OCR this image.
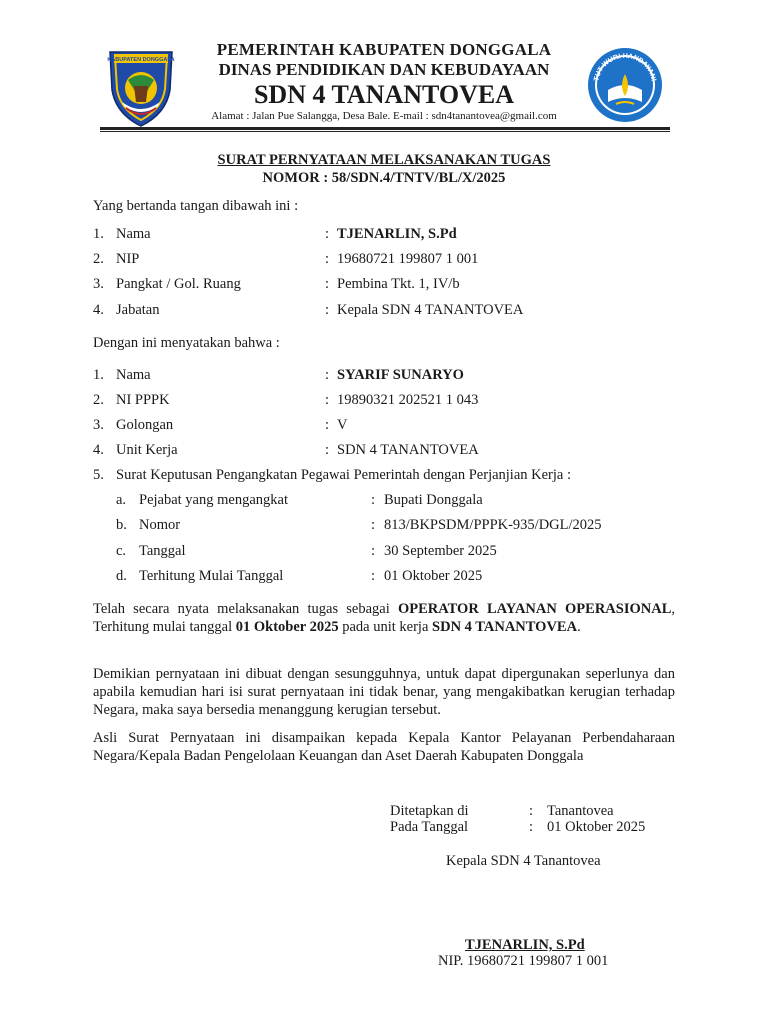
KABUPATEN DONGGALA
PEMERINTAH KABUPATEN DONGGALA
DINAS PENDIDIKAN DAN KEBUDAYAAN
SDN 4 TANANTOVEA
Alamat : Jalan Pue Salangga, Desa Bale. E-mail : sdn4tanantovea@gmail.com
TUT WURI HANDAYANI
SURAT PERNYATAAN MELAKSANAKAN TUGAS
NOMOR : 58/SDN.4/TNTV/BL/X/2025
Yang bertanda tangan dibawah ini :
1. Nama	: TJENARLIN, S.Pd
2. NIP	: 19680721 199807 1 001
3. Pangkat / Gol. Ruang	: Pembina Tkt. 1, IV/b
4. Jabatan	: Kepala SDN 4 TANANTOVEA
Dengan ini menyatakan bahwa :
1. Nama	: SYARIF SUNARYO
2. NI PPPK	: 19890321 202521 1 043
3. Golongan	: V
4. Unit Kerja	: SDN 4 TANANTOVEA
5. Surat Keputusan Pengangkatan Pegawai Pemerintah dengan Perjanjian Kerja :
a. Pejabat yang mengangkat	: Bupati Donggala
b. Nomor	: 813/BKPSDM/PPPK-935/DGL/2025
c. Tanggal	: 30 September 2025
d. Terhitung Mulai Tanggal	: 01 Oktober 2025
Telah secara nyata melaksanakan tugas sebagai OPERATOR LAYANAN OPERASIONAL, Terhitung mulai tanggal 01 Oktober 2025 pada unit kerja SDN 4 TANANTOVEA.
Demikian pernyataan ini dibuat dengan sesungguhnya, untuk dapat dipergunakan seperlunya dan apabila kemudian hari isi surat pernyataan ini tidak benar, yang mengakibatkan kerugian terhadap Negara, maka saya bersedia menanggung kerugian tersebut.
Asli Surat Pernyataan ini disampaikan kepada Kepala Kantor Pelayanan Perbendaharaan Negara/Kepala Badan Pengelolaan Keuangan dan Aset Daerah Kabupaten Donggala
Ditetapkan di	: Tanantovea
Pada Tanggal	: 01 Oktober 2025
Kepala SDN 4 Tanantovea
TJENARLIN, S.Pd
NIP. 19680721 199807 1 001
